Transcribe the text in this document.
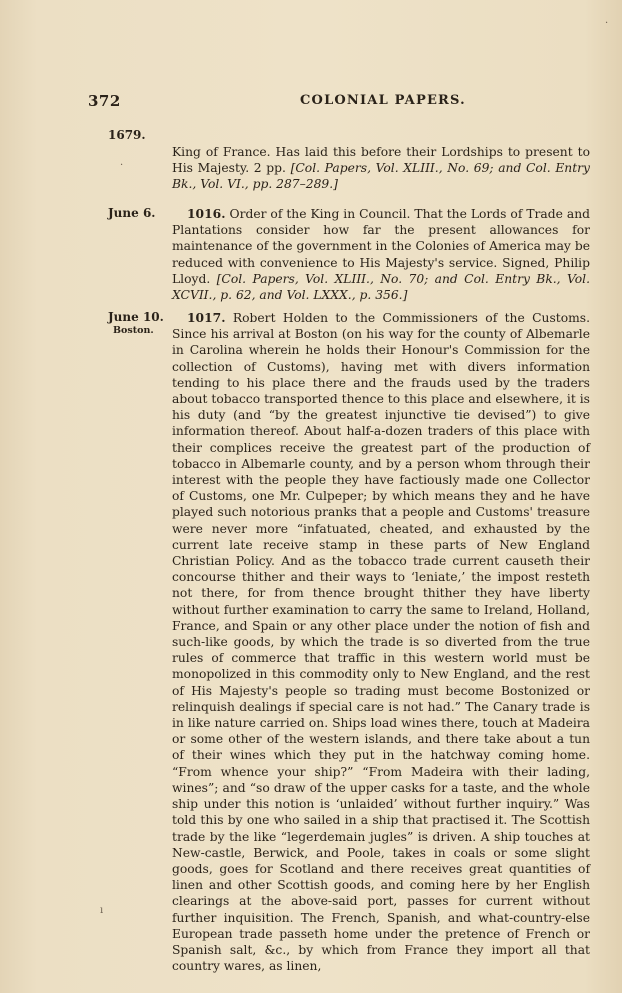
372	COLONIAL PAPERS.
1679.

King of France. Has laid this before their Lordships to present to His Majesty. 2 pp. [Col. Papers, Vol. XLIII., No. 69; and Col. Entry Bk., Vol. VI., pp. 287–289.]

June 6.	1016. Order of the King in Council. That the Lords of Trade and Plantations consider how far the present allowances for maintenance of the government in the Colonies of America may be reduced with convenience to His Majesty's service. Signed, Philip Lloyd. [Col. Papers, Vol. XLIII., No. 70; and Col. Entry Bk., Vol. XCVII., p. 62, and Vol. LXXX., p. 356.]

June 10.
Boston.

1017. Robert Holden to the Commissioners of the Customs. Since his arrival at Boston (on his way for the county of Albemarle in Carolina wherein he holds their Honour's Commission for the collection of Customs), having met with divers information tending to his place there and the frauds used by the traders about tobacco transported thence to this place and elsewhere, it is his duty (and “by the greatest injunctive tie devised”) to give information thereof. About half-a-dozen traders of this place with their complices receive the greatest part of the production of tobacco in Albemarle county, and by a person whom through their interest with the people they have factiously made one Collector of Customs, one Mr. Culpeper; by which means they and he have played such notorious pranks that a people and Customs' treasure were never more “infatuated, cheated, and exhausted by the current late receive stamp in these parts of New England Christian Policy. And as the tobacco trade current causeth their concourse thither and their ways to ‘leniate,’ the impost resteth not there, for from thence brought thither they have liberty without further examination to carry the same to Ireland, Holland, France, and Spain or any other place under the notion of fish and such-like goods, by which the trade is so diverted from the true rules of commerce that traffic in this western world must be monopolized in this commodity only to New England, and the rest of His Majesty's people so trading must become Bostonized or relinquish dealings if special care is not had.” The Canary trade is in like nature carried on. Ships load wines there, touch at Madeira or some other of the western islands, and there take about a tun of their wines which they put in the hatchway coming home. “From whence your ship?” “From Madeira with their lading, wines”; and “so draw of the upper casks for a taste, and the whole ship under this notion is ‘unlaided’ without further inquiry.” Was told this by one who sailed in a ship that practised it. The Scottish trade by the like “legerdemain jugles” is driven. A ship touches at New-castle, Berwick, and Poole, takes in coals or some slight goods, goes for Scotland and there receives great quantities of linen and other Scottish goods, and coming here by her English clearings at the above-said port, passes for current without further inquisition. The French, Spanish, and what-country-else European trade passeth home under the pretence of French or Spanish salt, &c., by which from France they import all that country wares, as linen,

·
ı
·
